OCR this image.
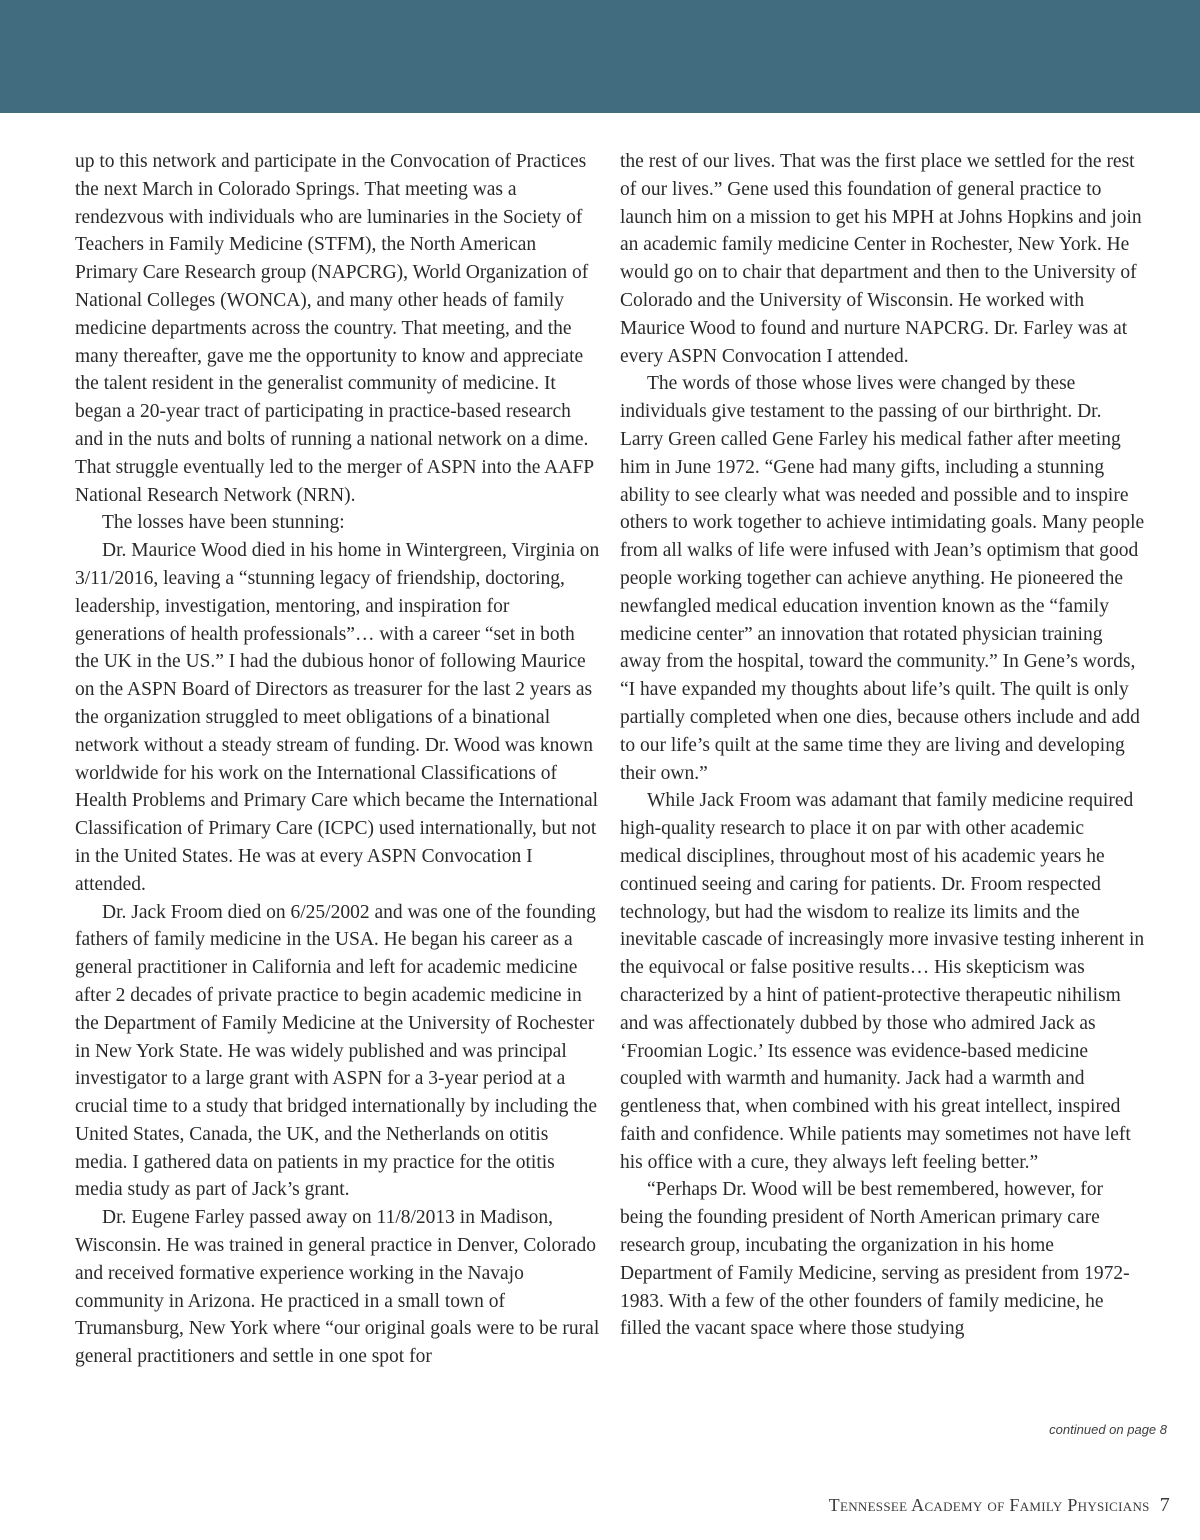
up to this network and participate in the Convocation of Practices the next March in Colorado Springs. That meeting was a rendezvous with individuals who are luminaries in the Society of Teachers in Family Medicine (STFM), the North American Primary Care Research group (NAPCRG), World Organization of National Colleges (WONCA), and many other heads of family medicine departments across the country. That meeting, and the many thereafter, gave me the opportunity to know and appreciate the talent resident in the generalist community of medicine. It began a 20-year tract of participating in practice-based research and in the nuts and bolts of running a national network on a dime. That struggle eventually led to the merger of ASPN into the AAFP National Research Network (NRN).

The losses have been stunning:

Dr. Maurice Wood died in his home in Wintergreen, Virginia on 3/11/2016, leaving a “stunning legacy of friendship, doctoring, leadership, investigation, mentoring, and inspiration for generations of health professionals”… with a career “set in both the UK in the US.” I had the dubious honor of following Maurice on the ASPN Board of Directors as treasurer for the last 2 years as the organization struggled to meet obligations of a binational network without a steady stream of funding. Dr. Wood was known worldwide for his work on the International Classifications of Health Problems and Primary Care which became the International Classification of Primary Care (ICPC) used internationally, but not in the United States. He was at every ASPN Convocation I attended.

Dr. Jack Froom died on 6/25/2002 and was one of the founding fathers of family medicine in the USA. He began his career as a general practitioner in California and left for academic medicine after 2 decades of private practice to begin academic medicine in the Department of Family Medicine at the University of Rochester in New York State. He was widely published and was principal investigator to a large grant with ASPN for a 3-year period at a crucial time to a study that bridged internationally by including the United States, Canada, the UK, and the Netherlands on otitis media. I gathered data on patients in my practice for the otitis media study as part of Jack’s grant.

Dr. Eugene Farley passed away on 11/8/2013 in Madison, Wisconsin. He was trained in general practice in Denver, Colorado and received formative experience working in the Navajo community in Arizona. He practiced in a small town of Trumansburg, New York where “our original goals were to be rural general practitioners and settle in one spot for

the rest of our lives. That was the first place we settled for the rest of our lives.” Gene used this foundation of general practice to launch him on a mission to get his MPH at Johns Hopkins and join an academic family medicine Center in Rochester, New York. He would go on to chair that department and then to the University of Colorado and the University of Wisconsin. He worked with Maurice Wood to found and nurture NAPCRG. Dr. Farley was at every ASPN Convocation I attended.

The words of those whose lives were changed by these individuals give testament to the passing of our birthright. Dr. Larry Green called Gene Farley his medical father after meeting him in June 1972. “Gene had many gifts, including a stunning ability to see clearly what was needed and possible and to inspire others to work together to achieve intimidating goals. Many people from all walks of life were infused with Jean’s optimism that good people working together can achieve anything. He pioneered the newfangled medical education invention known as the “family medicine center” an innovation that rotated physician training away from the hospital, toward the community.” In Gene’s words, “I have expanded my thoughts about life’s quilt. The quilt is only partially completed when one dies, because others include and add to our life’s quilt at the same time they are living and developing their own.”

While Jack Froom was adamant that family medicine required high-quality research to place it on par with other academic medical disciplines, throughout most of his academic years he continued seeing and caring for patients. Dr. Froom respected technology, but had the wisdom to realize its limits and the inevitable cascade of increasingly more invasive testing inherent in the equivocal or false positive results… His skepticism was characterized by a hint of patient-protective therapeutic nihilism and was affectionately dubbed by those who admired Jack as ‘Froomian Logic.’ Its essence was evidence-based medicine coupled with warmth and humanity. Jack had a warmth and gentleness that, when combined with his great intellect, inspired faith and confidence. While patients may sometimes not have left his office with a cure, they always left feeling better.”

“Perhaps Dr. Wood will be best remembered, however, for being the founding president of North American primary care research group, incubating the organization in his home Department of Family Medicine, serving as president from 1972-1983. With a few of the other founders of family medicine, he filled the vacant space where those studying

continued on page 8
Tennessee Academy of Family Physicians 7
